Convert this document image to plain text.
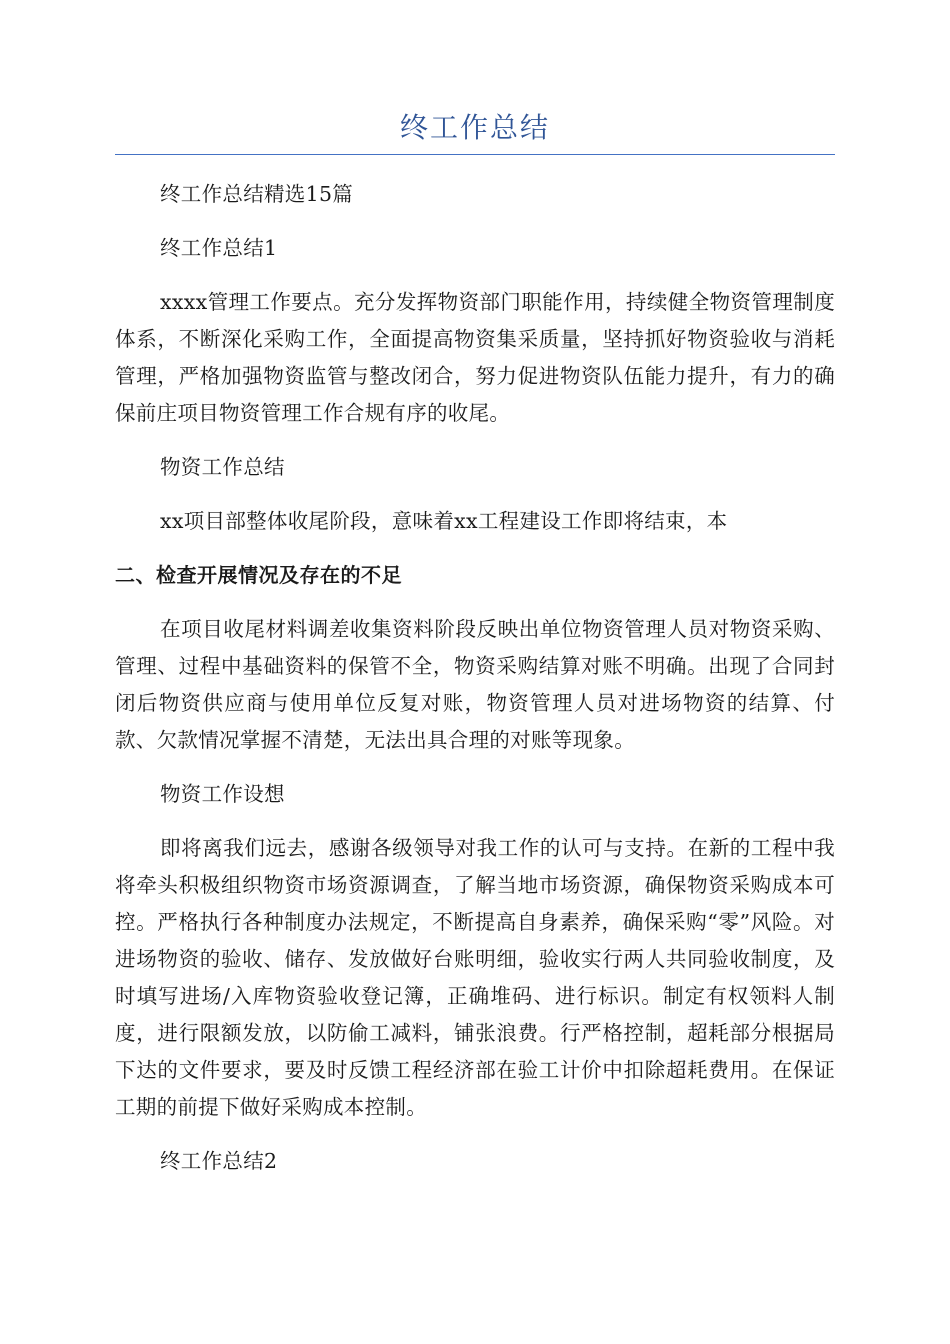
终工作总结

终工作总结精选15篇

终工作总结1

xxxx管理工作要点。充分发挥物资部门职能作用，持续健全物资管理制度体系，不断深化采购工作，全面提高物资集采质量，坚持抓好物资验收与消耗管理，严格加强物资监管与整改闭合，努力促进物资队伍能力提升，有力的确保前庄项目物资管理工作合规有序的收尾。

物资工作总结

xx项目部整体收尾阶段，意味着xx工程建设工作即将结束，本

二、检查开展情况及存在的不足

在项目收尾材料调差收集资料阶段反映出单位物资管理人员对物资采购、管理、过程中基础资料的保管不全，物资采购结算对账不明确。出现了合同封闭后物资供应商与使用单位反复对账，物资管理人员对进场物资的结算、付款、欠款情况掌握不清楚，无法出具合理的对账等现象。

物资工作设想

即将离我们远去，感谢各级领导对我工作的认可与支持。在新的工程中我将牵头积极组织物资市场资源调查，了解当地市场资源，确保物资采购成本可控。严格执行各种制度办法规定，不断提高自身素养，确保采购“零”风险。对进场物资的验收、储存、发放做好台账明细，验收实行两人共同验收制度，及时填写进场/入库物资验收登记簿，正确堆码、进行标识。制定有权领料人制度，进行限额发放，以防偷工减料，铺张浪费。行严格控制，超耗部分根据局下达的文件要求，要及时反馈工程经济部在验工计价中扣除超耗费用。在保证工期的前提下做好采购成本控制。

终工作总结2
